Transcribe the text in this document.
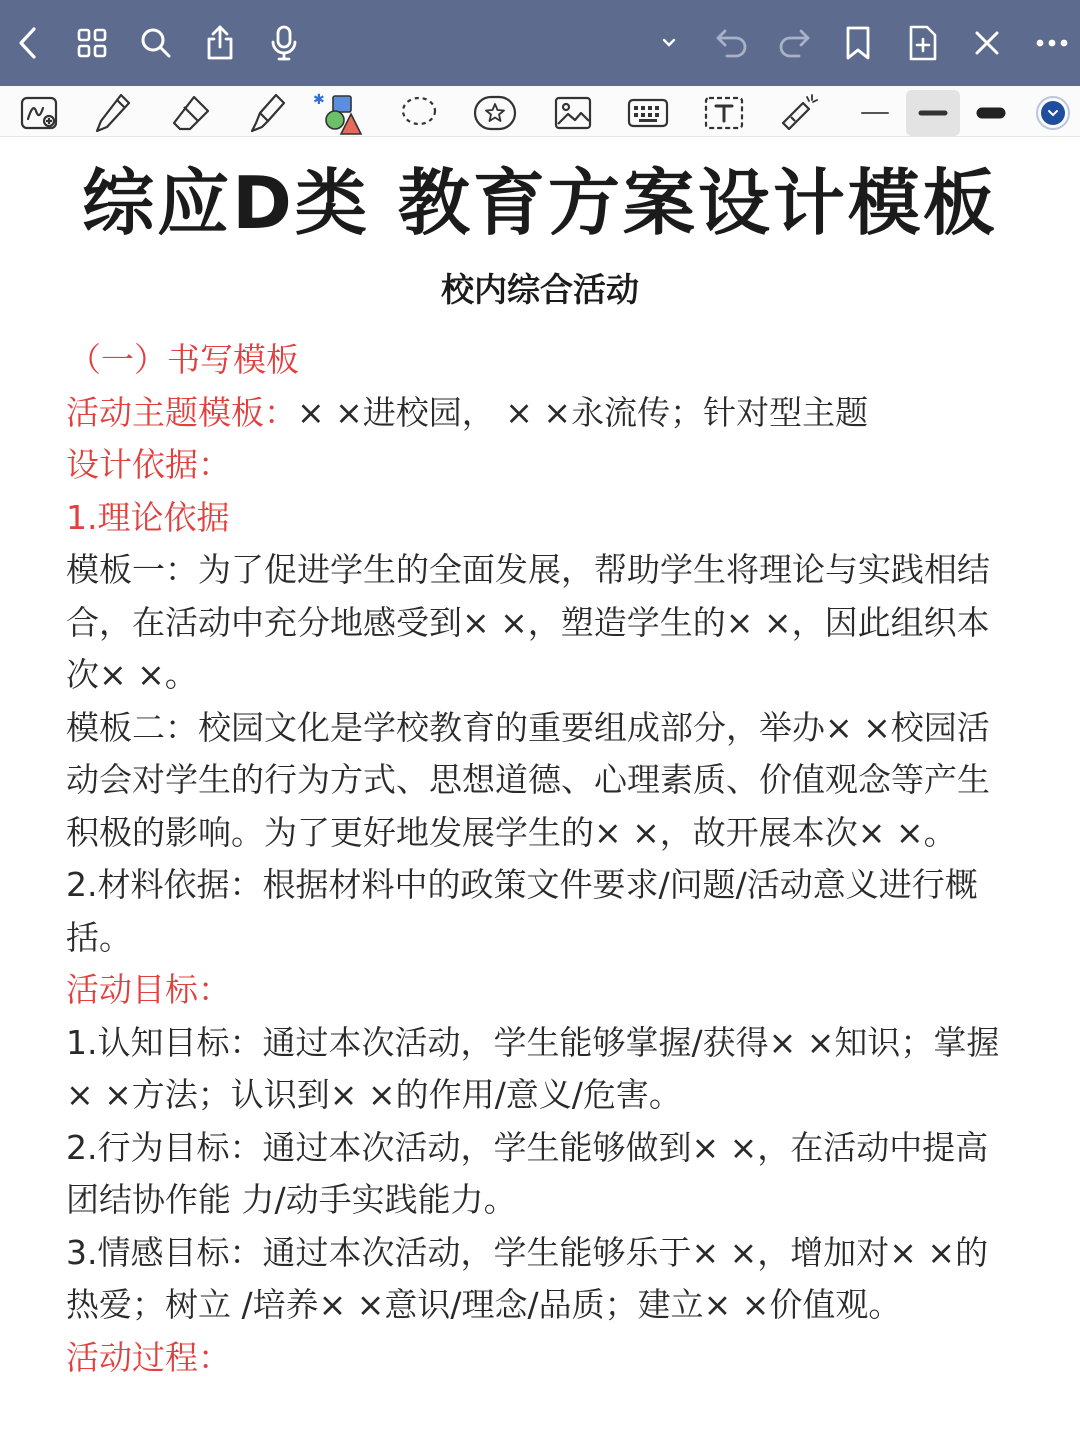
✱
综应D类 教育方案设计模板
校内综合活动

（一）书写模板

活动主题模板：× ×进校园， × ×永流传；针对型主题

设计依据：

1.理论依据

模板一：为了促进学生的全面发展，帮助学生将理论与实践相结合，在活动中充分地感受到× ×，塑造学生的× ×，因此组织本次× ×。

模板二：校园文化是学校教育的重要组成部分，举办× ×校园活动会对学生的行为方式、思想道德、心理素质、价值观念等产生积极的影响。为了更好地发展学生的× ×，故开展本次× ×。

2.材料依据：根据材料中的政策文件要求/问题/活动意义进行概括。

活动目标：

1.认知目标：通过本次活动，学生能够掌握/获得× ×知识；掌握× ×方法；认识到× ×的作用/意义/危害。

2.行为目标：通过本次活动，学生能够做到× ×，在活动中提高团结协作能 力/动手实践能力。

3.情感目标：通过本次活动，学生能够乐于× ×，增加对× ×的热爱；树立 /培养× ×意识/理念/品质；建立× ×价值观。

活动过程：
